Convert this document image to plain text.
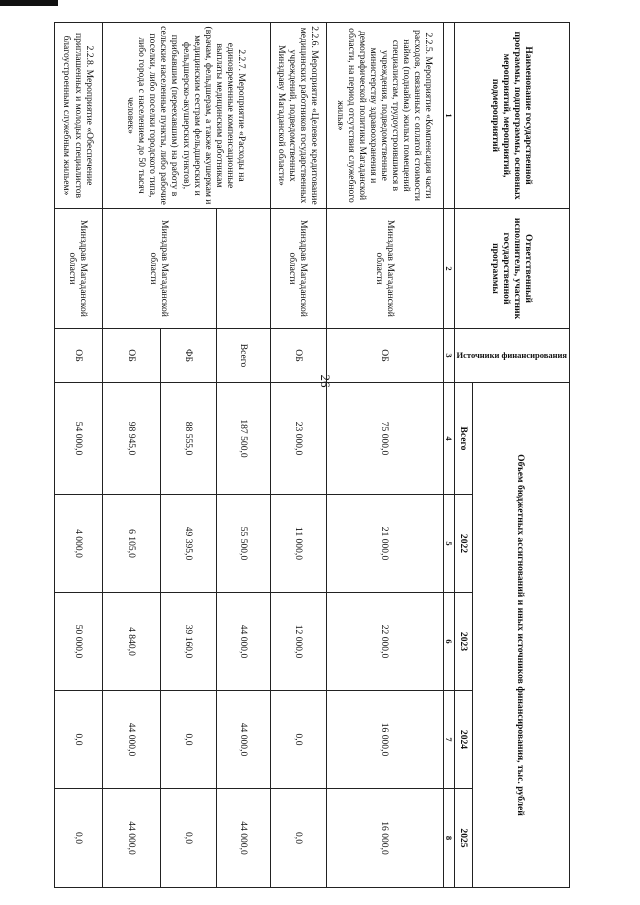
26
Наименование государственной программы, подпрограммы, основных мероприятий, мероприятий, подмероприятий	Ответственный исполнитель, участник государственной программы	Источники финансирования	Объем бюджетных ассигнований и иных источников финансирования, тыс. рублей				
			Всего	2022	2023	2024	2025
1	2	3	4	5	6	7	8
2.2.5. Мероприятие «Компенсация части расходов, связанных с оплатой стоимости найма (поднайма) жилых помещений специалистам, трудоустроившимся в учреждения, подведомственные министерству здравоохранения и демографической политики Магаданской области, на период отсутствия служебного жилья»	Минздрав Магаданской области	ОБ	75 000,0	21 000,0	22 000,0	16 000,0	16 000,0
2.2.6. Мероприятие «Целевое кредитование медицинских работников государственных учреждений, подведомственных Минздраву Магаданской области»	Минздрав Магаданской области	ОБ	23 000,0	11 000,0	12 000,0	0,0	0,0
2.2.7. Мероприятие «Расходы на единовременные компенсационные выплаты медицинским работникам (врачам, фельдшерам, а также акушеркам и медицинским сестрам фельдшерских и фельдшерско-акушерских пунктов), прибывшим (переехавшим) на работу в сельские населенные пункты, либо рабочие поселки, либо поселки городского типа, либо города с населением до 50 тысяч человек»		Всего	187 500,0	55 500,0	44 000,0	44 000,0	44 000,0
	Минздрав Магаданской области	ФБ	88 555,0	49 395,0	39 160,0	0,0	0,0
		ОБ	98 945,0	6 105,0	4 840,0	44 000,0	44 000,0
2.2.8. Мероприятие «Обеспечение приглашенных и молодых специалистов благоустроенным служебным жильем»	Минздрав Магаданской области	ОБ	54 000,0	4 000,0	50 000,0	0,0	0,0
